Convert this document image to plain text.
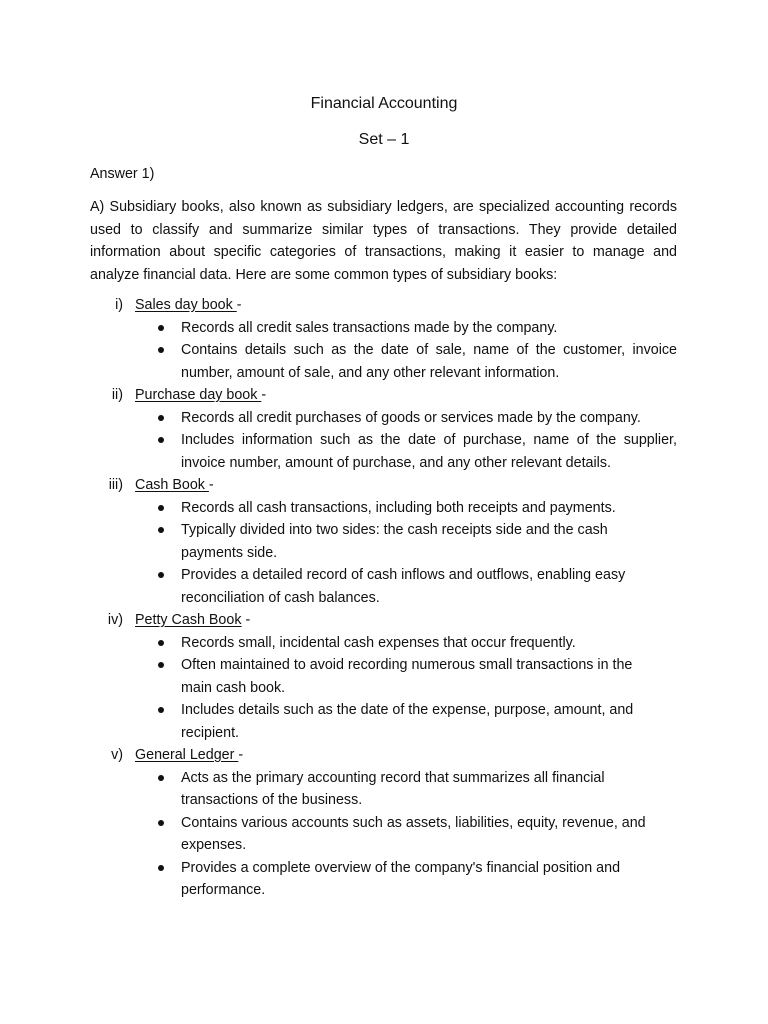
Financial Accounting
Set – 1
Answer 1)

A) Subsidiary books, also known as subsidiary ledgers, are specialized accounting records used to classify and summarize similar types of transactions. They provide detailed information about specific categories of transactions, making it easier to manage and analyze financial data. Here are some common types of subsidiary books:

i) Sales day book -
Records all credit sales transactions made by the company.
Contains details such as the date of sale, name of the customer, invoice number, amount of sale, and any other relevant information.
ii) Purchase day book -
Records all credit purchases of goods or services made by the company.
Includes information such as the date of purchase, name of the supplier, invoice number, amount of purchase, and any other relevant details.
iii) Cash Book -
Records all cash transactions, including both receipts and payments.
Typically divided into two sides: the cash receipts side and the cash payments side.
Provides a detailed record of cash inflows and outflows, enabling easy reconciliation of cash balances.
iv) Petty Cash Book -
Records small, incidental cash expenses that occur frequently.
Often maintained to avoid recording numerous small transactions in the main cash book.
Includes details such as the date of the expense, purpose, amount, and recipient.
v) General Ledger -
Acts as the primary accounting record that summarizes all financial transactions of the business.
Contains various accounts such as assets, liabilities, equity, revenue, and expenses.
Provides a complete overview of the company's financial position and performance.
